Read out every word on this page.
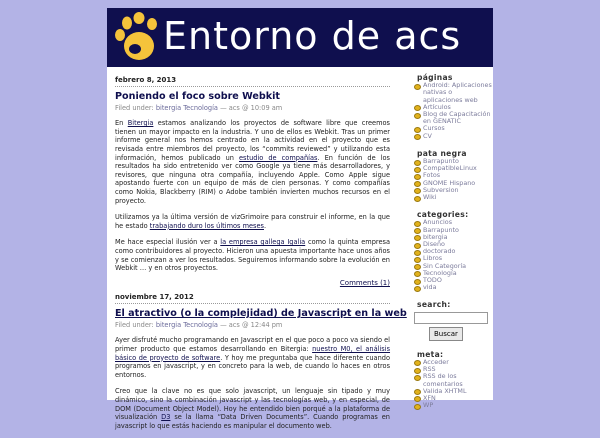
Entorno de acs
febrero 8, 2013
Poniendo el foco sobre Webkit
Filed under: bitergia Tecnología — acs @ 10:09 am

En Bitergia estamos analizando los proyectos de software libre que creemos tienen un mayor impacto en la industria. Y uno de ellos es Webkit. Tras un primer informe general nos hemos centrado en la actividad en el proyecto que es revisada entre miembros del proyecto, los “commits reviewed” y utilizando esta información, hemos publicado un estudio de compañías. En función de los resultados ha sido entretenido ver como Google ya tiene más desarrolladores, y revisores, que ninguna otra compañía, incluyendo Apple. Como Apple sigue apostando fuerte con un equipo de más de cien personas. Y como compañías como Nokia, Blackberry (RIM) o Adobe también invierten muchos recursos en el proyecto.

Utilizamos ya la última versión de vizGrimoire para construir el informe, en la que he estado trabajando duro los últimos meses.

Me hace especial ilusión ver a la empresa gallega Igalia como la quinta empresa como contribuidores al proyecto. Hicieron una apuesta importante hace unos años y se comienzan a ver los resultados. Seguiremos informando sobre la evolución en Webkit … y en otros proyectos.

Comments (1)
noviembre 17, 2012
El atractivo (o la complejidad) de Javascript en la web
Filed under: bitergia Tecnología — acs @ 12:44 pm

Ayer disfruté mucho programando en Javascript en el que poco a poco va siendo el primer producto que estamos desarrollando en Bitergia: nuestro M0, el análisis básico de proyecto de software. Y hoy me preguntaba que hace diferente cuando programos en javascript, y en concreto para la web, de cuando lo haces en otros entornos.

Creo que la clave no es que solo javascript, un lenguaje sin tipado y muy dinámico, sino la combinación javascript y las tecnologías web, y en especial, de DOM (Document Object Model). Hoy he entendido bien porqué a la plataforma de visualización D3 se la llama “Data Driven Documents”. Cuando programas en javascript lo que estás haciendo es manipular el documento web.

páginas
Android: Aplicaciones nativas o aplicaciones web
Artículos
Blog de Capacitación en GENATIC
Cursos
CV
pata negra
Barrapunto
CompatibleLinux
Fotos
GNOME Hispano
Subversion
Wiki
categories:
Anuncios
Barrapunto
bitergia
Diseño
doctorado
Libros
Sin Categoría
Tecnología
TODO
vida
search:
Buscar
meta:
Acceder
RSS
RSS de los comentarios
Valida XHTML
XFN
WP
